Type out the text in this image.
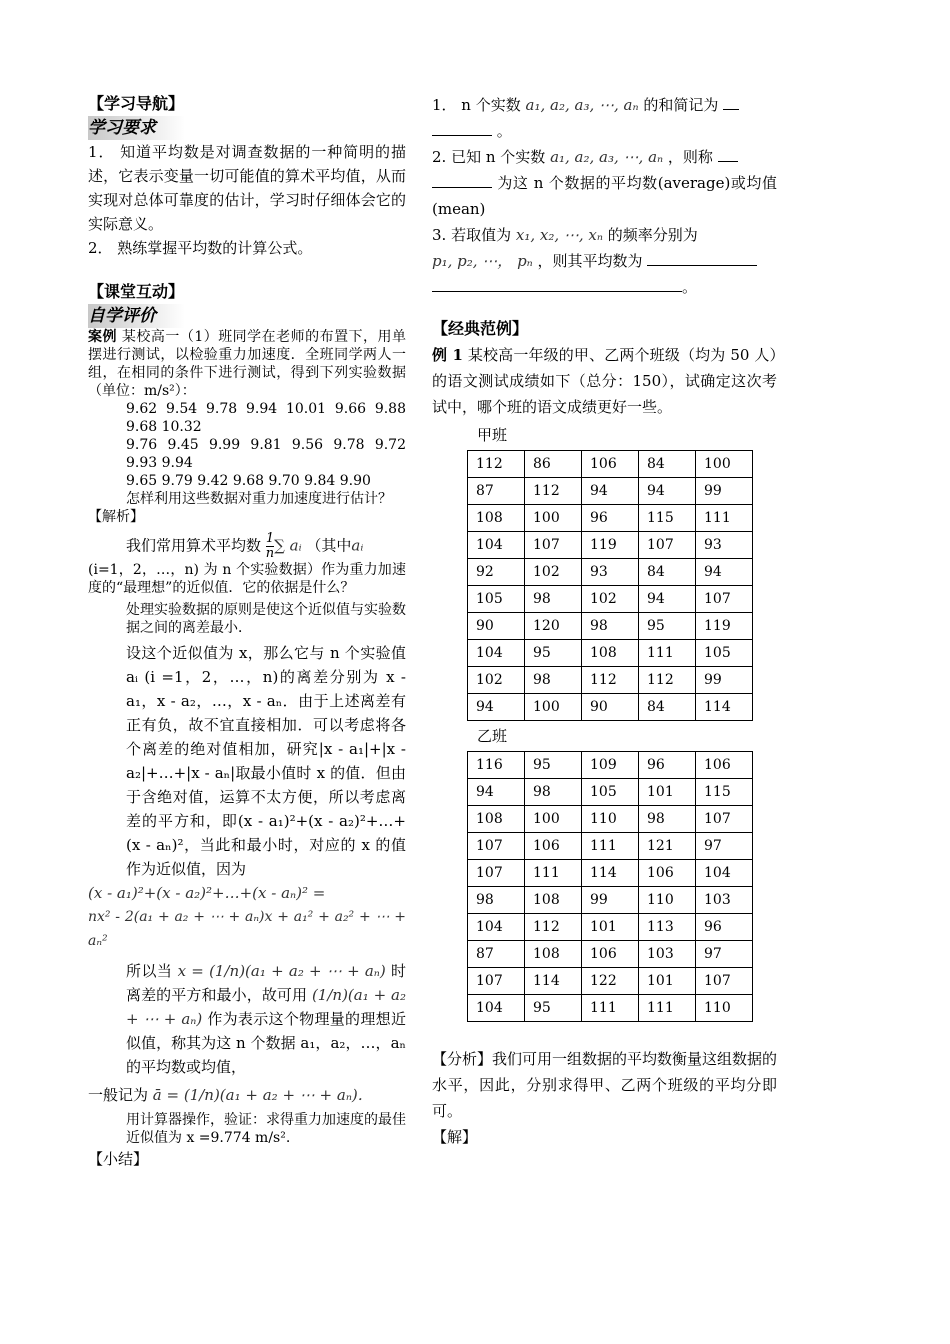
【学习导航】
学习要求

1． 知道平均数是对调查数据的一种简明的描述，它表示变量一切可能值的算术平均值，从而实现对总体可靠度的估计，学习时仔细体会它的实际意义。

2． 熟练掌握平均数的计算公式。

【课堂互动】
自学评价

案例 某校高一（1）班同学在老师的布置下，用单摆进行测试，以检验重力加速度．全班同学两人一组，在相同的条件下进行测试，得到下列实验数据（单位：m/s²）：

9.62 9.54 9.78 9.94 10.01 9.66 9.88 9.68 10.32

9.76 9.45 9.99 9.81 9.56 9.78 9.72 9.93 9.94

9.65 9.79 9.42 9.68 9.70 9.84 9.90

怎样利用这些数据对重力加速度进行估计？

【解析】

我们常用算术平均数 $\frac{1}{n}$ ∑ aᵢ （其中aᵢ

(i=1，2，…，n) 为 n 个实验数据）作为重力加速度的“最理想”的近似值．它的依据是什么？

处理实验数据的原则是使这个近似值与实验数据之间的离差最小．

设这个近似值为 x，那么它与 n 个实验值 aᵢ (i =1，2，…，n)的离差分别为 x - a₁，x - a₂，…，x - aₙ．由于上述离差有正有负，故不宜直接相加．可以考虑将各个离差的绝对值相加，研究|x - a₁|+|x - a₂|+…+|x - aₙ|取最小值时 x 的值．但由于含绝对值，运算不太方便，所以考虑离差的平方和，即(x - a₁)²+(x - a₂)²+…+(x - aₙ)²，当此和最小时，对应的 x 的值作为近似值，因为

(x - a₁)²+(x - a₂)²+…+(x - aₙ)² =

nx² - 2(a₁ + a₂ + ⋯ + aₙ)x + a₁² + a₂² + ⋯ + aₙ²

所以当 x = (1/n)(a₁ + a₂ + ⋯ + aₙ) 时离差的平方和最小，故可用 (1/n)(a₁ + a₂ + ⋯ + aₙ) 作为表示这个物理量的理想近似值，称其为这 n 个数据 a₁，a₂，…，aₙ 的平均数或均值，

一般记为 ā = (1/n)(a₁ + a₂ + ⋯ + aₙ)．

用计算器操作，验证：求得重力加速度的最佳近似值为 x =9.774 m/s².

【小结】

1． n 个实数 a₁, a₂, a₃, ⋯, aₙ 的和简记为

。

2. 已知 n 个实数 a₁, a₂, a₃, ⋯, aₙ ，则称

为这 n 个数据的平均数(average)或均值(mean)

3. 若取值为 x₁, x₂, ⋯, xₙ 的频率分别为

p₁, p₂, ⋯， pₙ ，则其平均数为

。

【经典范例】

例 1 某校高一年级的甲、乙两个班级（均为 50 人）的语文测试成绩如下（总分：150），试确定这次考试中，哪个班的语文成绩更好一些。

甲班
112	86	106	84	100
87	112	94	94	99
108	100	96	115	111
104	107	119	107	93
92	102	93	84	94
105	98	102	94	107
90	120	98	95	119
104	95	108	111	105
102	98	112	112	99
94	100	90	84	114
乙班
116	95	109	96	106
94	98	105	101	115
108	100	110	98	107
107	106	111	121	97
107	111	114	106	104
98	108	99	110	103
104	112	101	113	96
87	108	106	103	97
107	114	122	101	107
104	95	111	111	110

【分析】我们可用一组数据的平均数衡量这组数据的水平，因此，分别求得甲、乙两个班级的平均分即可。

【解】
